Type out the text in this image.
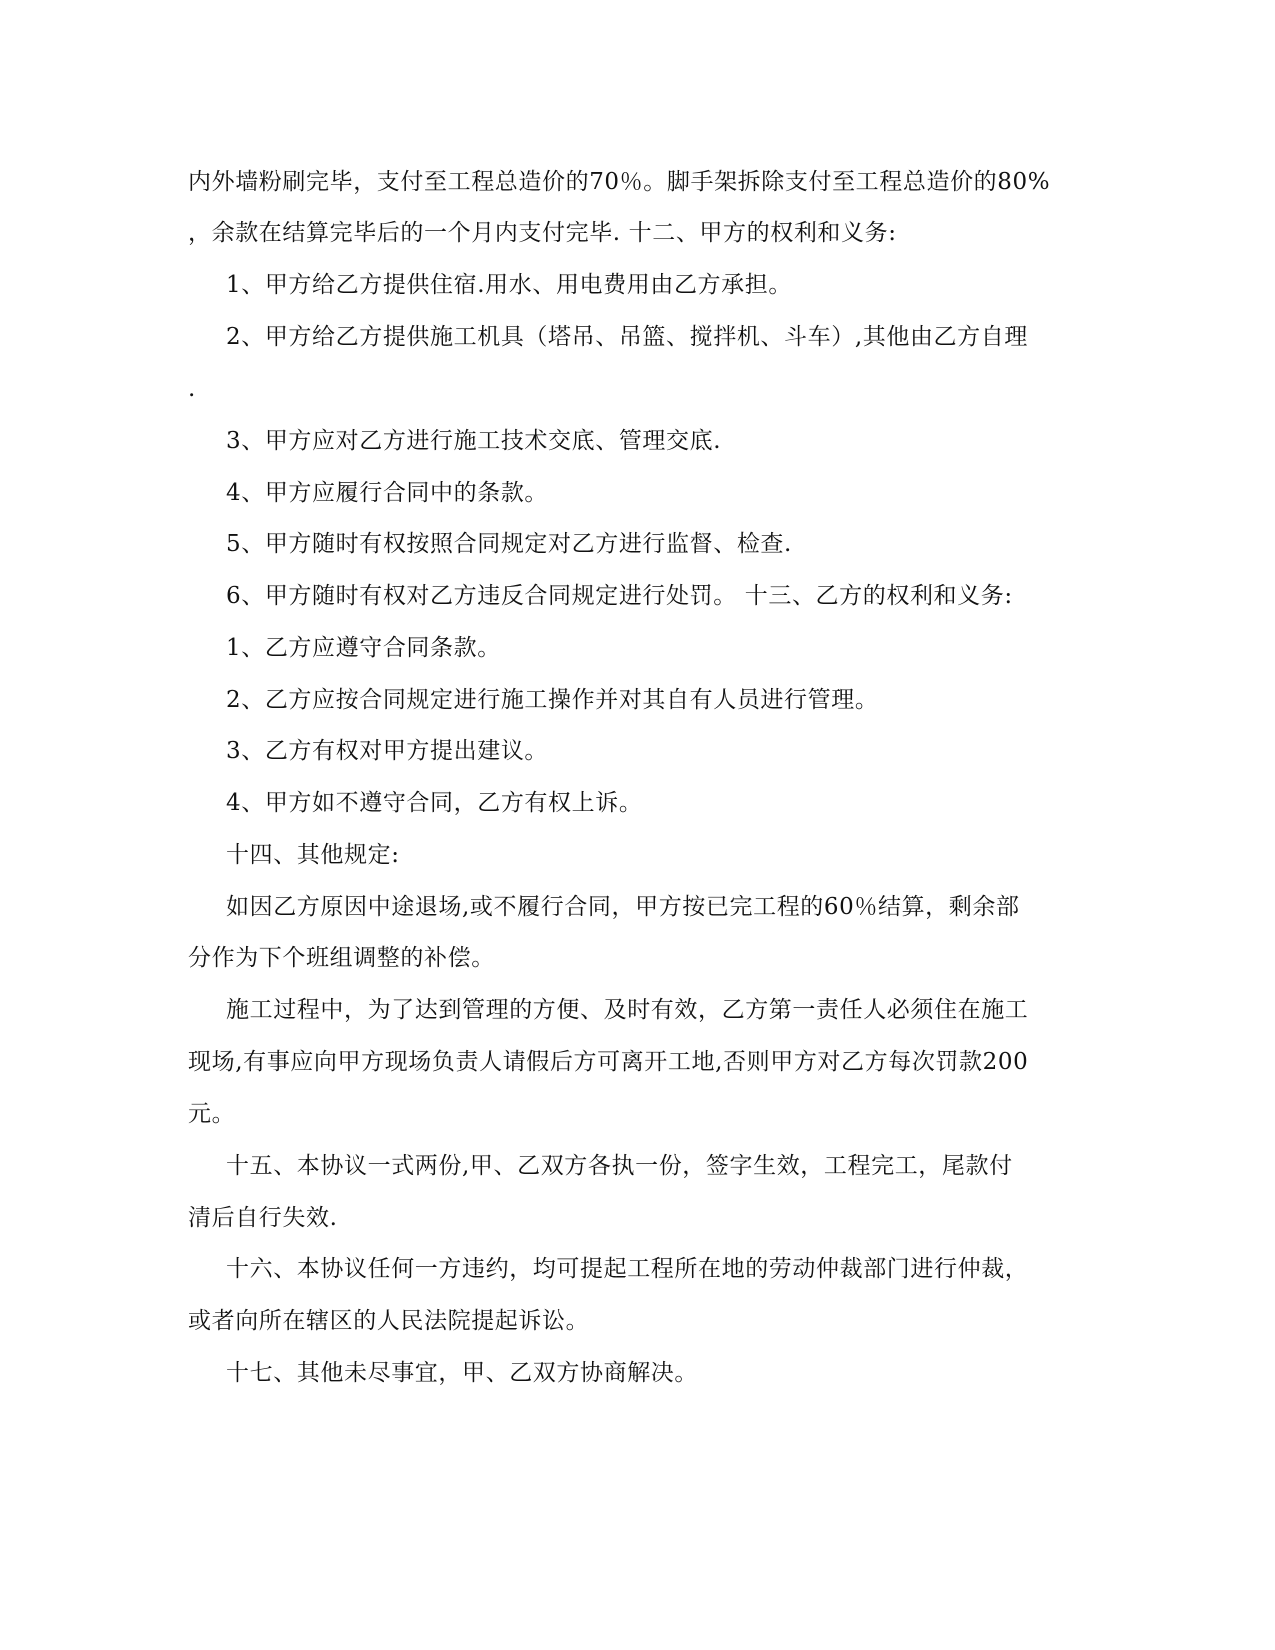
内外墙粉刷完毕，支付至工程总造价的70％。脚手架拆除支付至工程总造价的80%
，余款在结算完毕后的一个月内支付完毕. 十二、甲方的权利和义务:
1、甲方给乙方提供住宿.用水、用电费用由乙方承担。
2、甲方给乙方提供施工机具（塔吊、吊篮、搅拌机、斗车）,其他由乙方自理
.
3、甲方应对乙方进行施工技术交底、管理交底.
4、甲方应履行合同中的条款。
5、甲方随时有权按照合同规定对乙方进行监督、检查.
6、甲方随时有权对乙方违反合同规定进行处罚。 十三、乙方的权利和义务:
1、乙方应遵守合同条款。
2、乙方应按合同规定进行施工操作并对其自有人员进行管理。
3、乙方有权对甲方提出建议。
4、甲方如不遵守合同，乙方有权上诉。
十四、其他规定:
如因乙方原因中途退场,或不履行合同，甲方按已完工程的60％结算，剩余部
分作为下个班组调整的补偿。
施工过程中，为了达到管理的方便、及时有效，乙方第一责任人必须住在施工
现场,有事应向甲方现场负责人请假后方可离开工地,否则甲方对乙方每次罚款200
元。
十五、本协议一式两份,甲、乙双方各执一份，签字生效，工程完工，尾款付
清后自行失效.
十六、本协议任何一方违约，均可提起工程所在地的劳动仲裁部门进行仲裁，
或者向所在辖区的人民法院提起诉讼。
十七、其他未尽事宜，甲、乙双方协商解决。
